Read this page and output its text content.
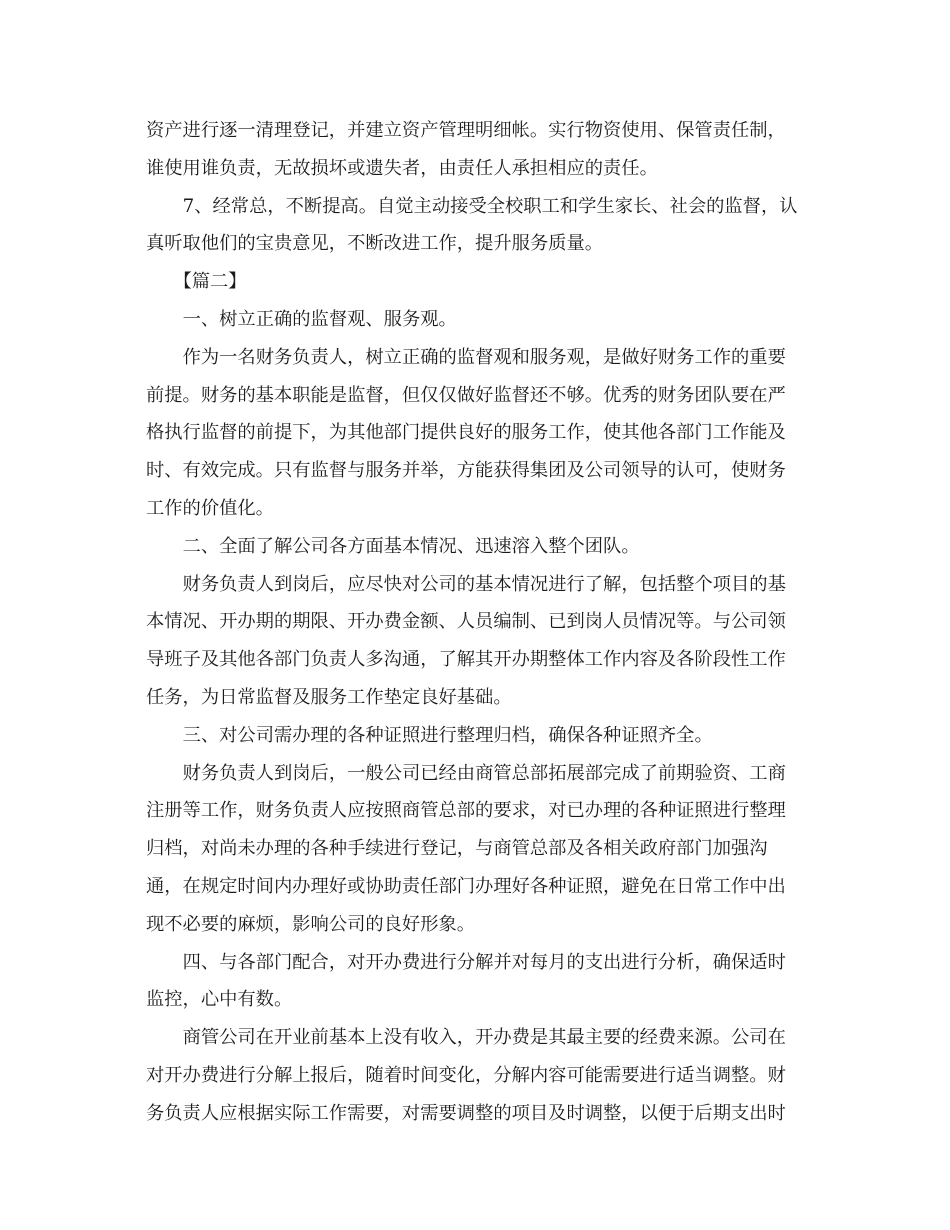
资产进行逐一清理登记，并建立资产管理明细帐。实行物资使用、保管责任制，
谁使用谁负责，无故损坏或遗失者，由责任人承担相应的责任。

7、经常总，不断提高。自觉主动接受全校职工和学生家长、社会的监督，认
真听取他们的宝贵意见，不断改进工作，提升服务质量。

【篇二】

一、树立正确的监督观、服务观。

作为一名财务负责人，树立正确的监督观和服务观，是做好财务工作的重要
前提。财务的基本职能是监督，但仅仅做好监督还不够。优秀的财务团队要在严
格执行监督的前提下，为其他部门提供良好的服务工作，使其他各部门工作能及
时、有效完成。只有监督与服务并举，方能获得集团及公司领导的认可，使财务
工作的价值化。

二、全面了解公司各方面基本情况、迅速溶入整个团队。

财务负责人到岗后，应尽快对公司的基本情况进行了解，包括整个项目的基
本情况、开办期的期限、开办费金额、人员编制、已到岗人员情况等。与公司领
导班子及其他各部门负责人多沟通，了解其开办期整体工作内容及各阶段性工作
任务，为日常监督及服务工作垫定良好基础。

三、对公司需办理的各种证照进行整理归档，确保各种证照齐全。

财务负责人到岗后，一般公司已经由商管总部拓展部完成了前期验资、工商
注册等工作，财务负责人应按照商管总部的要求，对已办理的各种证照进行整理
归档，对尚未办理的各种手续进行登记，与商管总部及各相关政府部门加强沟
通，在规定时间内办理好或协助责任部门办理好各种证照，避免在日常工作中出
现不必要的麻烦，影响公司的良好形象。

四、与各部门配合，对开办费进行分解并对每月的支出进行分析，确保适时
监控，心中有数。

商管公司在开业前基本上没有收入，开办费是其最主要的经费来源。公司在
对开办费进行分解上报后，随着时间变化，分解内容可能需要进行适当调整。财
务负责人应根据实际工作需要，对需要调整的项目及时调整，以便于后期支出时
